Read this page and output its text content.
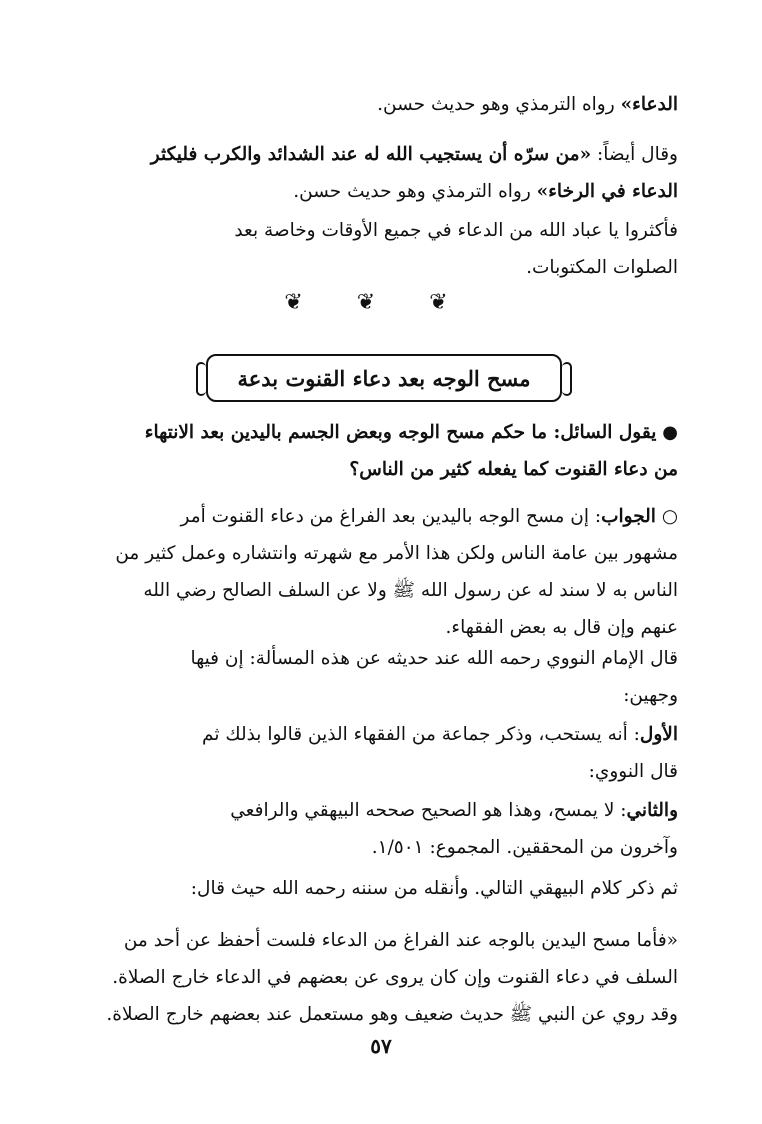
الدعاء» رواه الترمذي وهو حديث حسن.
وقال أيضاً: «من سرّه أن يستجيب الله له عند الشدائد والكرب فليكثر
الدعاء في الرخاء» رواه الترمذي وهو حديث حسن.
فأكثروا يا عباد الله من الدعاء في جميع الأوقات وخاصة بعد
الصلوات المكتوبات.
❦❦❦
مسح الوجه بعد دعاء القنوت بدعة
● يقول السائل: ما حكم مسح الوجه وبعض الجسم باليدين بعد الانتهاء
من دعاء القنوت كما يفعله كثير من الناس؟
○ الجواب: إن مسح الوجه باليدين بعد الفراغ من دعاء القنوت أمر
مشهور بين عامة الناس ولكن هذا الأمر مع شهرته وانتشاره وعمل كثير من
الناس به لا سند له عن رسول الله ﷺ ولا عن السلف الصالح رضي الله
عنهم وإن قال به بعض الفقهاء.
قال الإمام النووي رحمه الله عند حديثه عن هذه المسألة: إن فيها
وجهين:
الأول: أنه يستحب، وذكر جماعة من الفقهاء الذين قالوا بذلك ثم
قال النووي:
والثاني: لا يمسح، وهذا هو الصحيح صححه البيهقي والرافعي
وآخرون من المحققين. المجموع: ١/٥٠١.
ثم ذكر كلام البيهقي التالي. وأنقله من سننه رحمه الله حيث قال:
«فأما مسح اليدين بالوجه عند الفراغ من الدعاء فلست أحفظ عن أحد من
السلف في دعاء القنوت وإن كان يروى عن بعضهم في الدعاء خارج الصلاة.
وقد روي عن النبي ﷺ حديث ضعيف وهو مستعمل عند بعضهم خارج الصلاة.
٥٧
